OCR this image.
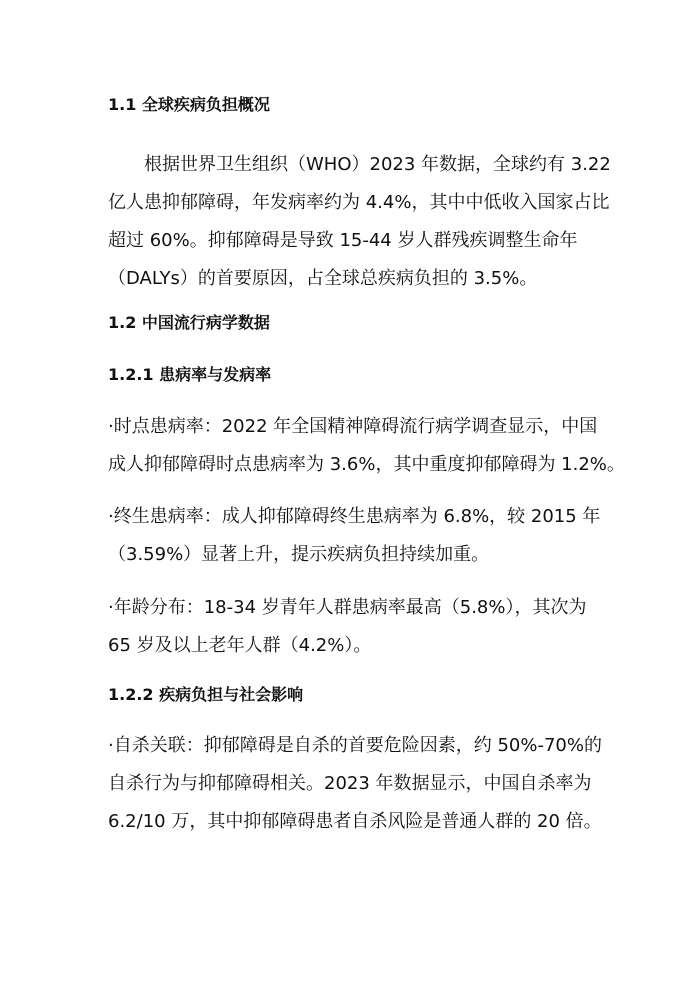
1.1 全球疾病负担概况
根据世界卫生组织（WHO）2023 年数据，全球约有 3.22
亿人患抑郁障碍，年发病率约为 4.4%，其中中低收入国家占比
超过 60%。抑郁障碍是导致 15-44 岁人群残疾调整生命年
（DALYs）的首要原因，占全球总疾病负担的 3.5%。
1.2 中国流行病学数据
1.2.1 患病率与发病率
·时点患病率：2022 年全国精神障碍流行病学调查显示，中国
成人抑郁障碍时点患病率为 3.6%，其中重度抑郁障碍为 1.2%。
·终生患病率：成人抑郁障碍终生患病率为 6.8%，较 2015 年
（3.59%）显著上升，提示疾病负担持续加重。
·年龄分布：18-34 岁青年人群患病率最高（5.8%），其次为
65 岁及以上老年人群（4.2%）。
1.2.2 疾病负担与社会影响
·自杀关联：抑郁障碍是自杀的首要危险因素，约 50%-70%的
自杀行为与抑郁障碍相关。2023 年数据显示，中国自杀率为
6.2/10 万，其中抑郁障碍患者自杀风险是普通人群的 20 倍。
